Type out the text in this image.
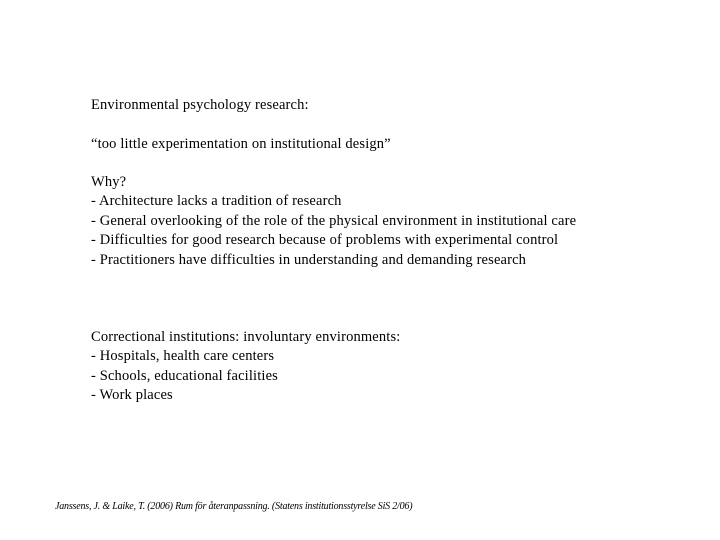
Environmental psychology research:

“too little experimentation on institutional design”

Why?

- Architecture lacks a tradition of research

- General overlooking of the role of the physical environment in institutional care

- Difficulties for good research because of problems with experimental control

- Practitioners have difficulties in understanding and demanding research

Correctional institutions: involuntary environments:

- Hospitals, health care centers

- Schools, educational facilities

- Work places

Janssens, J. & Laike, T. (2006) Rum för återanpassning. (Statens institutionsstyrelse SiS 2/06)
